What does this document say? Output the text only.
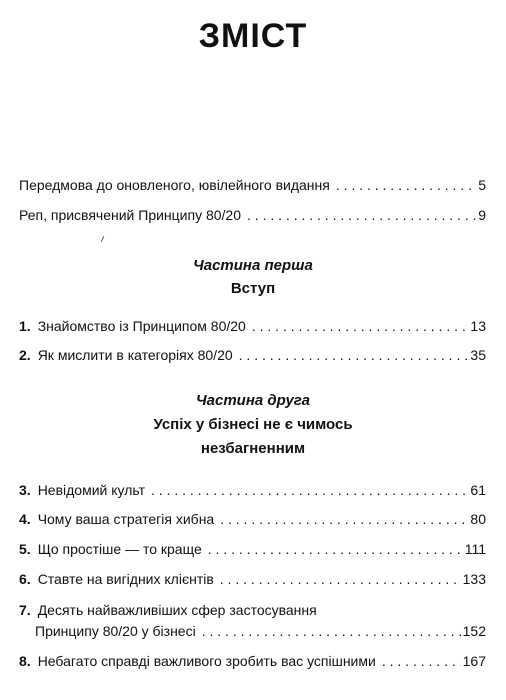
ЗМІСТ
Передмова до оновленого, ювілейного видання . . .	5
Реп, присвячений Принципу 80/20 . . .	9
Частина перша
Вступ
1. Знайомство із Принципом 80/20 . . .	13
2. Як мислити в категоріях 80/20 . . .	35
Частина друга
Успіх у бізнесі не є чимось
незбагненним
3. Невідомий культ . . .	61
4. Чому ваша стратегія хибна . . .	80
5. Що простіше — то краще . . .	111
6. Ставте на вигідних клієнтів . . .	133
7. Десять найважливіших сфер застосування
Принципу 80/20 у бізнесі . . .	152
8. Небагато справді важливого зробить вас успішними . . .	167
